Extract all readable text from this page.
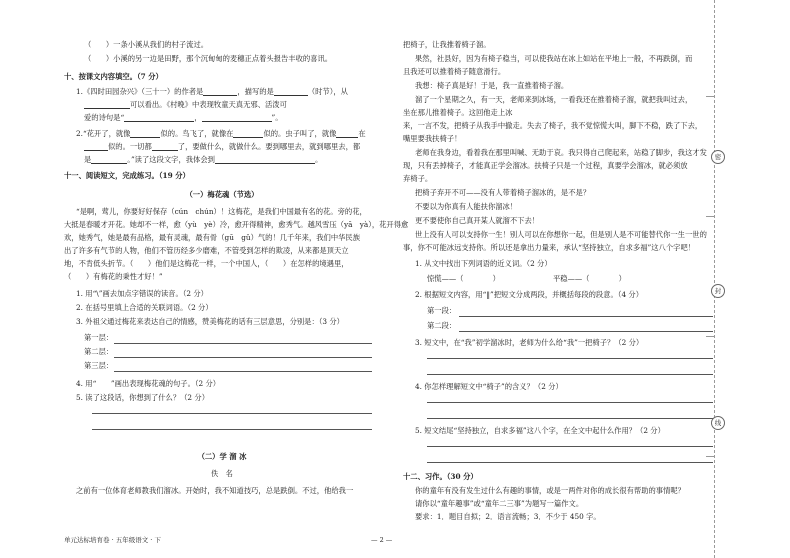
（　　）一条小溪从我们的村子流过。
（　　）小溪的另一边是田野，那个沉甸甸的麦穗正点着头报告丰收的喜讯。
十、按课文内容填空。（7 分）
1.《四时田园杂兴》（三十一）的作者是	，描写的是	（时节），从
可以看出。《村晚》中表现牧童天真无邪、活泼可
爱的诗句是“	，	”。
2.“花开了，就像	似的。鸟飞了，就像在	似的。虫子叫了，就像	在
似的。一切都	了，要做什么，就做什么。要到哪里去，就到哪里去，都
是	。”读了这段文字，我体会到	。
十一、阅读短文，完成练习。（19 分）
（一）梅花魂（节选）
“是啊，莺儿，你要好好保存（cún　chún）！这梅花，是我们中国最有名的花。旁的花，
大抵是春暖才开花。她却不一样，愈（yù　yè）冷，愈开得精神，愈秀气。越风雪压（yā　yà），花开得愈
欢，她秀气，她是最有品格，最有灵魂，最有骨（gū　gǔ）气的！几千年来，我们中华民族
出了许多有气节的人物，他们不管历经多少磨难，不管受到怎样的欺凌，从来都是顶天立
地，不肯低头折节。（　　）他们是这梅花一样，一个中国人，（　　）在怎样的境遇里，
（　　）有梅花的秉性才好！”
1. 用“\”画去加点字错误的读音。（2 分）
2. 在括号里填上合适的关联词语。（2 分）
3. 外祖父通过梅花来表达自己的情感，赞美梅花的话有三层意思，分别是：（3 分）
第一层：
第二层：
第三层：
4. 用“　　”画出表现梅花魂的句子。（2 分）
5. 读了这段话，你想到了什么？（2 分）
（二）学 溜 冰
佚　名
之前有一位体育老师教我们溜冰。开始时，我不知道技巧，总是跌倒。不过，他给我一
把椅子，让我推着椅子溜。
果然，社县好，因为有椅子稳当，可以使我站在冰上如站在平地上一般，不再跌倒，而
且我还可以推着椅子随意滑行。
我想：椅子真是好！于是，我一直推着椅子溜。
溜了一个星期之久，有一天，老师来到冰场，一看我还在推着椅子溜，就把我叫过去，
坐在那儿推着椅子。这回他走上冰
来，一言不发，把椅子从我手中撤走。失去了椅子，我不觉惊慌大叫，脚下不稳，跌了下去，
嘴里要我扶椅子！
老师在我身边，看着我在那里叫喊、无助于哀。我只得自己爬起来，站稳了脚步，我这才发
现，只有丢掉椅子，才能真正学会溜冰。扶椅子只是一个过程，真要学会溜冰，就必须放
弃椅子。
把椅子弃开不可——没有人带着椅子溜冰的，是不是？
不要以为你真有人能扶你溜冰！
更不要使你自己真开某人就溜不下去！
世上没有人可以支持你一生！别人可以在你想你一起，但是别人是不可能替代你一生一世的
事，你不可能冰远支持你。所以还是拿出力量来，承认“坚持独立，自求多福”这八个字吧！
1. 从文中找出下列词语的近义词。（2 分）
惊慌——（　　　　）	平稳——（　　　　）
2. 根据短文内容，用“‖”把短文分成两段，并概括每段的段意。（4 分）
第一段：
第二段：
3. 短文中，在“我”初学溜冰时，老师为什么给“我”一把椅子？（2 分）
4. 你怎样理解短文中“椅子”的含义？（2 分）
5. 短文结尾“坚持独立，自求多福”这八个字，在全文中起什么作用？（2 分）
十二、习作。（30 分）
你的童年有没有发生过什么有趣的事情，或是一两件对你的成长很有帮助的事情呢？
请你以“童年趣事”或“童年二三事”为题写一篇作文。
要求：1．题目自拟；2．语言流畅；3．不少于 450 字。
单元达标培育卷 · 五年级语文 · 下	— 2 —
密
封
线
